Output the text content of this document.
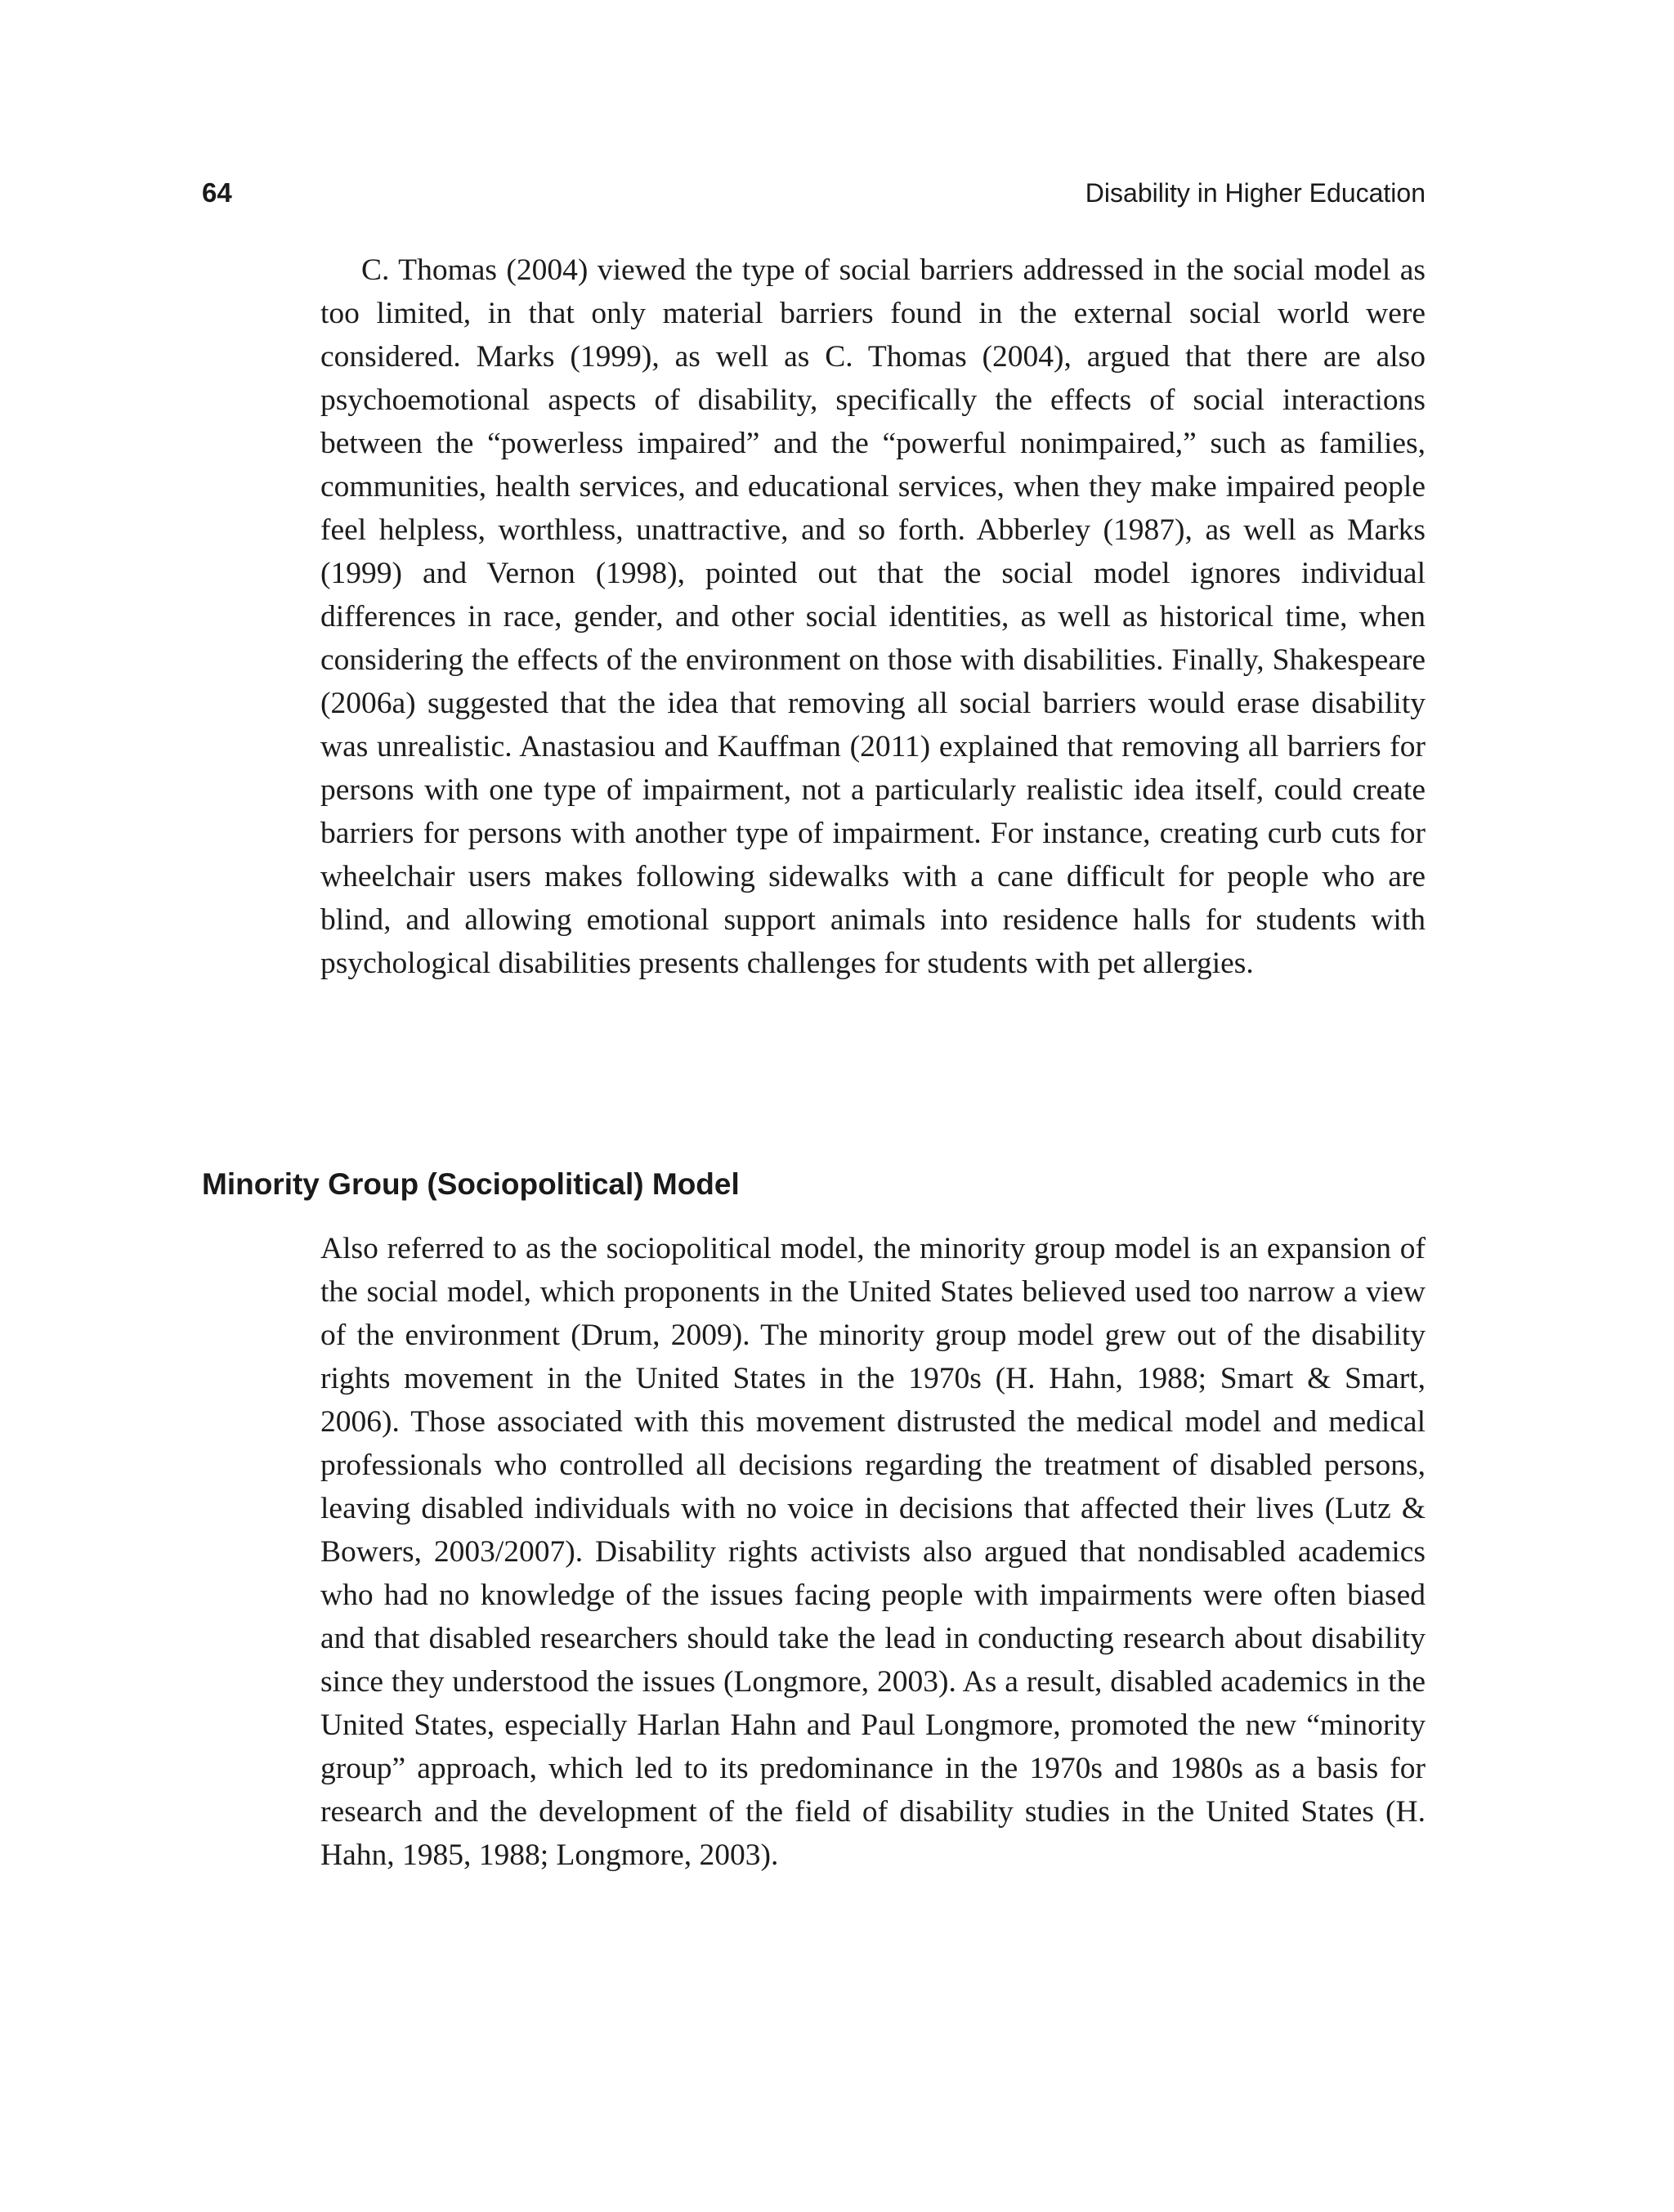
64	Disability in Higher Education

C. Thomas (2004) viewed the type of social barriers addressed in the social model as too limited, in that only material barriers found in the external social world were considered. Marks (1999), as well as C. Thomas (2004), argued that there are also psychoemotional aspects of disability, specifically the effects of social interactions between the “powerless impaired” and the “powerful nonimpaired,” such as families, communities, health services, and educational services, when they make impaired people feel helpless, worthless, unattractive, and so forth. Abberley (1987), as well as Marks (1999) and Vernon (1998), pointed out that the social model ignores individual differences in race, gender, and other social identities, as well as historical time, when considering the effects of the environment on those with disabilities. Finally, Shakespeare (2006a) suggested that the idea that removing all social barriers would erase disability was unrealistic. Anastasiou and Kauffman (2011) explained that removing all barriers for persons with one type of impairment, not a particularly realistic idea itself, could create barriers for persons with another type of impairment. For instance, creating curb cuts for wheelchair users makes following sidewalks with a cane difficult for people who are blind, and allowing emotional support animals into residence halls for students with psychological disabilities presents challenges for students with pet allergies.

Minority Group (Sociopolitical) Model

Also referred to as the sociopolitical model, the minority group model is an expansion of the social model, which proponents in the United States believed used too narrow a view of the environment (Drum, 2009). The minority group model grew out of the disability rights movement in the United States in the 1970s (H. Hahn, 1988; Smart & Smart, 2006). Those associated with this movement distrusted the medical model and medical professionals who controlled all decisions regarding the treatment of disabled persons, leaving disabled individuals with no voice in decisions that affected their lives (Lutz & Bowers, 2003/2007). Disability rights activists also argued that nondisabled academics who had no knowledge of the issues facing people with impairments were often biased and that disabled researchers should take the lead in conducting research about disability since they understood the issues (Longmore, 2003). As a result, disabled academics in the United States, especially Harlan Hahn and Paul Longmore, promoted the new “minority group” approach, which led to its predominance in the 1970s and 1980s as a basis for research and the development of the field of disability studies in the United States (H. Hahn, 1985, 1988; Longmore, 2003).
